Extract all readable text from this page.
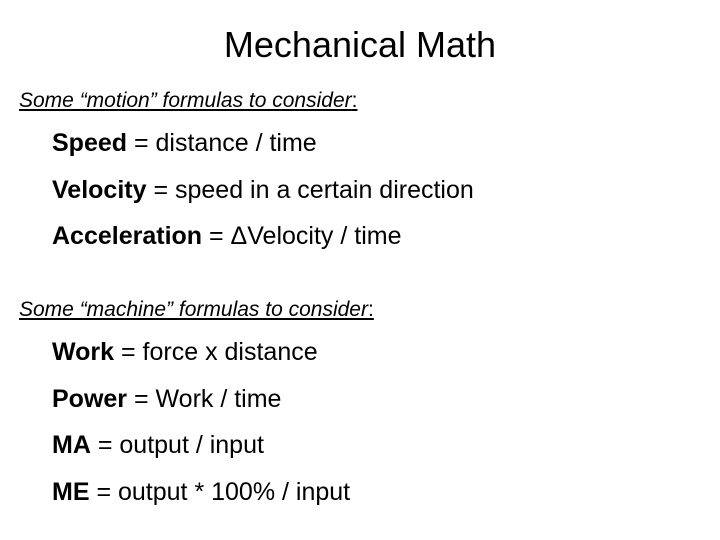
Mechanical Math
Some “motion” formulas to consider:
Speed = distance / time
Velocity = speed in a certain direction
Acceleration = ΔVelocity / time
Some “machine” formulas to consider:
Work = force x distance
Power = Work / time
MA = output / input
ME = output * 100% / input
